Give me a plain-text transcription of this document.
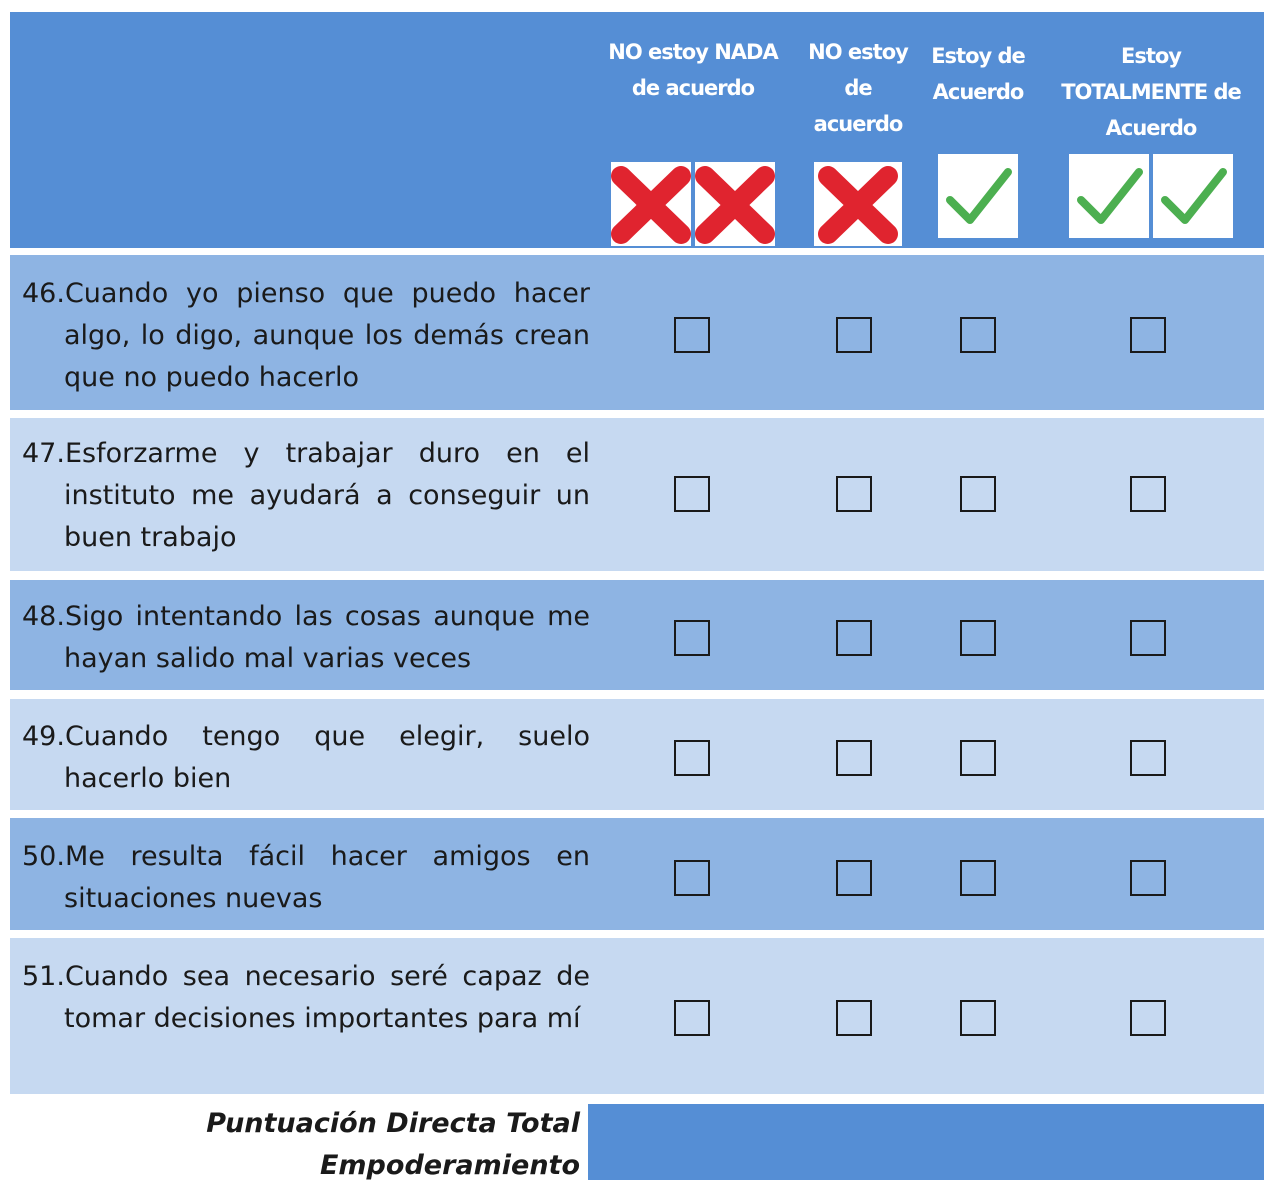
NO estoy NADA de acuerdo
NO estoy de acuerdo
Estoy de Acuerdo
Estoy TOTALMENTE de Acuerdo
46.Cuando yo pienso que puedo hacer algo, lo digo, aunque los demás crean que no puedo hacerlo
47.Esforzarme y trabajar duro en el instituto me ayudará a conseguir un buen trabajo
48.Sigo intentando las cosas aunque me hayan salido mal varias veces
49.Cuando tengo que elegir, suelo hacerlo bien
50.Me resulta fácil hacer amigos en situaciones nuevas
51.Cuando sea necesario seré capaz de tomar decisiones importantes para mí
Puntuación Directa Total Empoderamiento
